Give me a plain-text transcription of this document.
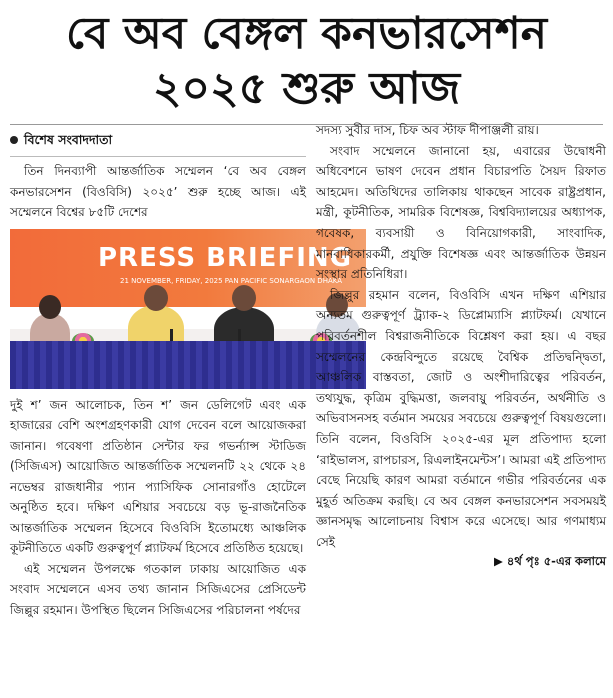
বে অব বেঙ্গল কনভারসেশন
২০২৫ শুরু আজ
বিশেষ সংবাদদাতা

তিন দিনব্যাপী আন্তর্জাতিক সম্মেলন ‘বে অব বেঙ্গল কনভারসেশন (বিওবিসি) ২০২৫’ শুরু হচ্ছে আজ। এই সম্মেলনে বিশ্বের ৮৫টি দেশের

PRESS BRIEFING
21 NOVEMBER, FRIDAY, 2025 PAN PACIFIC SONARGAON DHAKA

দুই শ’ জন আলোচক, তিন শ’ জন ডেলিগেট এবং এক হাজারের বেশি অংশগ্রহণকারী যোগ দেবেন বলে আয়োজকরা জানান। গবেষণা প্রতিষ্ঠান সেন্টার ফর গভর্ন্যান্স স্টাডিজ (সিজিএস) আয়োজিত আন্তর্জাতিক সম্মেলনটি ২২ থেকে ২৪ নভেম্বর রাজধানীর প্যান প্যাসিফিক সোনারগাঁও হোটেলে অনুষ্ঠিত হবে। দক্ষিণ এশিয়ার সবচেয়ে বড় ভূ-রাজনৈতিক আন্তর্জাতিক সম্মেলন হিসেবে বিওবিসি ইতোমধ্যে আঞ্চলিক কূটনীতিতে একটি গুরুত্বপূর্ণ প্ল্যাটফর্ম হিসেবে প্রতিষ্ঠিত হয়েছে।

এই সম্মেলন উপলক্ষে গতকাল ঢাকায় আয়োজিত এক সংবাদ সম্মেলনে এসব তথ্য জানান সিজিএসের প্রেসিডেন্ট জিল্লুর রহমান। উপস্থিত ছিলেন সিজিএসের পরিচালনা পর্ষদের

সদস্য সুবীর দাস, চিফ অব স্টাফ দীপাঞ্জলী রায়।

সংবাদ সম্মেলনে জানানো হয়, এবারের উদ্বোধনী অধিবেশনে ভাষণ দেবেন প্রধান বিচারপতি সৈয়দ রিফাত আহমেদ। অতিথিদের তালিকায় থাকছেন সাবেক রাষ্ট্রপ্রধান, মন্ত্রী, কূটনীতিক, সামরিক বিশেষজ্ঞ, বিশ্ববিদ্যালয়ের অধ্যাপক, গবেষক, ব্যবসায়ী ও বিনিয়োগকারী, সাংবাদিক, মানবাধিকারকর্মী, প্রযুক্তি বিশেষজ্ঞ এবং আন্তর্জাতিক উন্নয়ন সংস্থার প্রতিনিধিরা।

জিল্লুর রহমান বলেন, বিওবিসি এখন দক্ষিণ এশিয়ার অন্যতম গুরুত্বপূর্ণ ট্র্যাক-২ ডিপ্লোম্যাসি প্ল্যাটফর্ম। যেখানে পরিবর্তনশীল বিশ্বরাজনীতিকে বিশ্লেষণ করা হয়। এ বছর সম্মেলনের কেন্দ্রবিন্দুতে রয়েছে বৈশ্বিক প্রতিদ্বন্দ্বিতা, আঞ্চলিক বাস্তবতা, জোট ও অংশীদারিত্বের পরিবর্তন, তথ্যযুদ্ধ, কৃত্রিম বুদ্ধিমত্তা, জলবায়ু পরিবর্তন, অর্থনীতি ও অভিবাসনসহ বর্তমান সময়ের সবচেয়ে গুরুত্বপূর্ণ বিষয়গুলো। তিনি বলেন, বিওবিসি ২০২৫-এর মূল প্রতিপাদ্য হলো ‘রাইভালস, রাপচারস, রিএলাইনমেন্টস’। আমরা এই প্রতিপাদ্য বেছে নিয়েছি কারণ আমরা বর্তমানে গভীর পরিবর্তনের এক মুহূর্ত অতিক্রম করছি। বে অব বেঙ্গল কনভারসেশন সবসময়ই জ্ঞানসমৃদ্ধ আলোচনায় বিশ্বাস করে এসেছে। আর গণমাধ্যম সেই

▶ ৪র্থ পৃঃ ৫-এর কলামে
